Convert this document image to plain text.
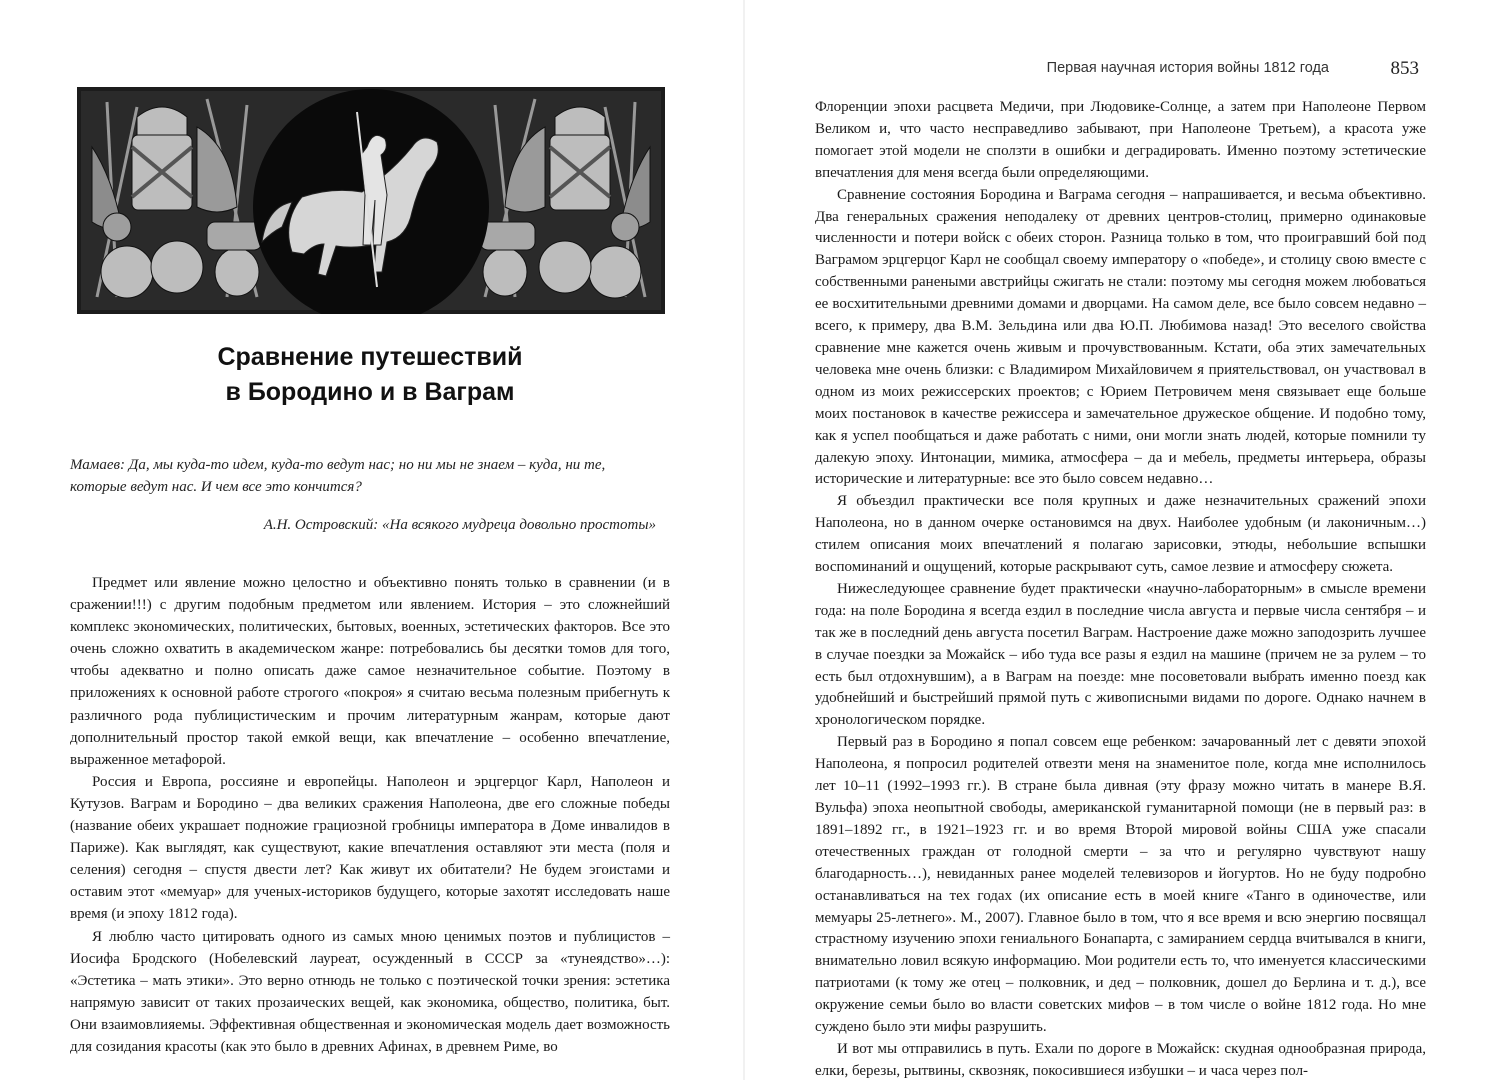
Сравнение путешествий
в Бородино и в Ваграм
Мамаев: Да, мы куда-то идем, куда-то ведут нас; но ни мы не знаем – куда, ни те, которые ведут нас. И чем все это кончится?
А.Н. Островский: «На всякого мудреца довольно простоты»

Предмет или явление можно целостно и объективно понять только в сравнении (и в сражении!!!) с другим подобным предметом или явлением. История – это сложнейший комплекс экономических, политических, бытовых, военных, эстетических факторов. Все это очень сложно охватить в академическом жанре: потребовались бы десятки томов для того, чтобы адекватно и полно описать даже самое незначительное событие. Поэтому в приложениях к основной работе строгого «покроя» я считаю весьма полезным прибегнуть к различного рода публицистическим и прочим литературным жанрам, которые дают дополнительный простор такой емкой вещи, как впечатление – особенно впечатление, выраженное метафорой.

Россия и Европа, россияне и европейцы. Наполеон и эрцгерцог Карл, Наполеон и Кутузов. Ваграм и Бородино – два великих сражения Наполеона, две его сложные победы (название обеих украшает подножие грациозной гробницы императора в Доме инвалидов в Париже). Как выглядят, как существуют, какие впечатления оставляют эти места (поля и селения) сегодня – спустя двести лет? Как живут их обитатели? Не будем эгоистами и оставим этот «мемуар» для ученых-историков будущего, которые захотят исследовать наше время (и эпоху 1812 года).

Я люблю часто цитировать одного из самых мною ценимых поэтов и публицистов – Иосифа Бродского (Нобелевский лауреат, осужденный в СССР за «тунеядство»…): «Эстетика – мать этики». Это верно отнюдь не только с поэтической точки зрения: эстетика напрямую зависит от таких прозаических вещей, как экономика, общество, политика, быт. Они взаимовлияемы. Эффективная общественная и экономическая модель дает возможность для созидания красоты (как это было в древних Афинах, в древнем Риме, во

Первая научная история войны 1812 года	853

Флоренции эпохи расцвета Медичи, при Людовике-Солнце, а затем при Наполеоне Первом Великом и, что часто несправедливо забывают, при Наполеоне Третьем), а красота уже помогает этой модели не сползти в ошибки и деградировать. Именно поэтому эстетические впечатления для меня всегда были определяющими.

Сравнение состояния Бородина и Ваграма сегодня – напрашивается, и весьма объективно. Два генеральных сражения неподалеку от древних центров-столиц, примерно одинаковые численности и потери войск с обеих сторон. Разница только в том, что проигравший бой под Ваграмом эрцгерцог Карл не сообщал своему императору о «победе», и столицу свою вместе с собственными ранеными австрийцы сжигать не стали: поэтому мы сегодня можем любоваться ее восхитительными древними домами и дворцами. На самом деле, все было совсем недавно – всего, к примеру, два В.М. Зельдина или два Ю.П. Любимова назад! Это веселого свойства сравнение мне кажется очень живым и прочувствованным. Кстати, оба этих замечательных человека мне очень близки: с Владимиром Михайловичем я приятельствовал, он участвовал в одном из моих режиссерских проектов; с Юрием Петровичем меня связывает еще больше моих постановок в качестве режиссера и замечательное дружеское общение. И подобно тому, как я успел пообщаться и даже работать с ними, они могли знать людей, которые помнили ту далекую эпоху. Интонации, мимика, атмосфера – да и мебель, предметы интерьера, образы исторические и литературные: все это было совсем недавно…

Я объездил практически все поля крупных и даже незначительных сражений эпохи Наполеона, но в данном очерке остановимся на двух. Наиболее удобным (и лаконичным…) стилем описания моих впечатлений я полагаю зарисовки, этюды, небольшие вспышки воспоминаний и ощущений, которые раскрывают суть, самое лезвие и атмосферу сюжета.

Нижеследующее сравнение будет практически «научно-лабораторным» в смысле времени года: на поле Бородина я всегда ездил в последние числа августа и первые числа сентября – и так же в последний день августа посетил Ваграм. Настроение даже можно заподозрить лучшее в случае поездки за Можайск – ибо туда все разы я ездил на машине (причем не за рулем – то есть был отдохнувшим), а в Ваграм на поезде: мне посоветовали выбрать именно поезд как удобнейший и быстрейший прямой путь с живописными видами по дороге. Однако начнем в хронологическом порядке.

Первый раз в Бородино я попал совсем еще ребенком: зачарованный лет с девяти эпохой Наполеона, я попросил родителей отвезти меня на знаменитое поле, когда мне исполнилось лет 10–11 (1992–1993 гг.). В стране была дивная (эту фразу можно читать в манере В.Я. Вульфа) эпоха неопытной свободы, американской гуманитарной помощи (не в первый раз: в 1891–1892 гг., в 1921–1923 гг. и во время Второй мировой войны США уже спасали отечественных граждан от голодной смерти – за что и регулярно чувствуют нашу благодарность…), невиданных ранее моделей телевизоров и йогуртов. Но не буду подробно останавливаться на тех годах (их описание есть в моей книге «Танго в одиночестве, или мемуары 25-летнего». М., 2007). Главное было в том, что я все время и всю энергию посвящал страстному изучению эпохи гениального Бонапарта, с замиранием сердца вчитывался в книги, внимательно ловил всякую информацию. Мои родители есть то, что именуется классическими патриотами (к тому же отец – полковник, и дед – полковник, дошел до Берлина и т. д.), все окружение семьи было во власти советских мифов – в том числе о войне 1812 года. Но мне суждено было эти мифы разрушить.

И вот мы отправились в путь. Ехали по дороге в Можайск: скудная однообразная природа, елки, березы, рытвины, сквозняк, покосившиеся избушки – и часа через пол-
